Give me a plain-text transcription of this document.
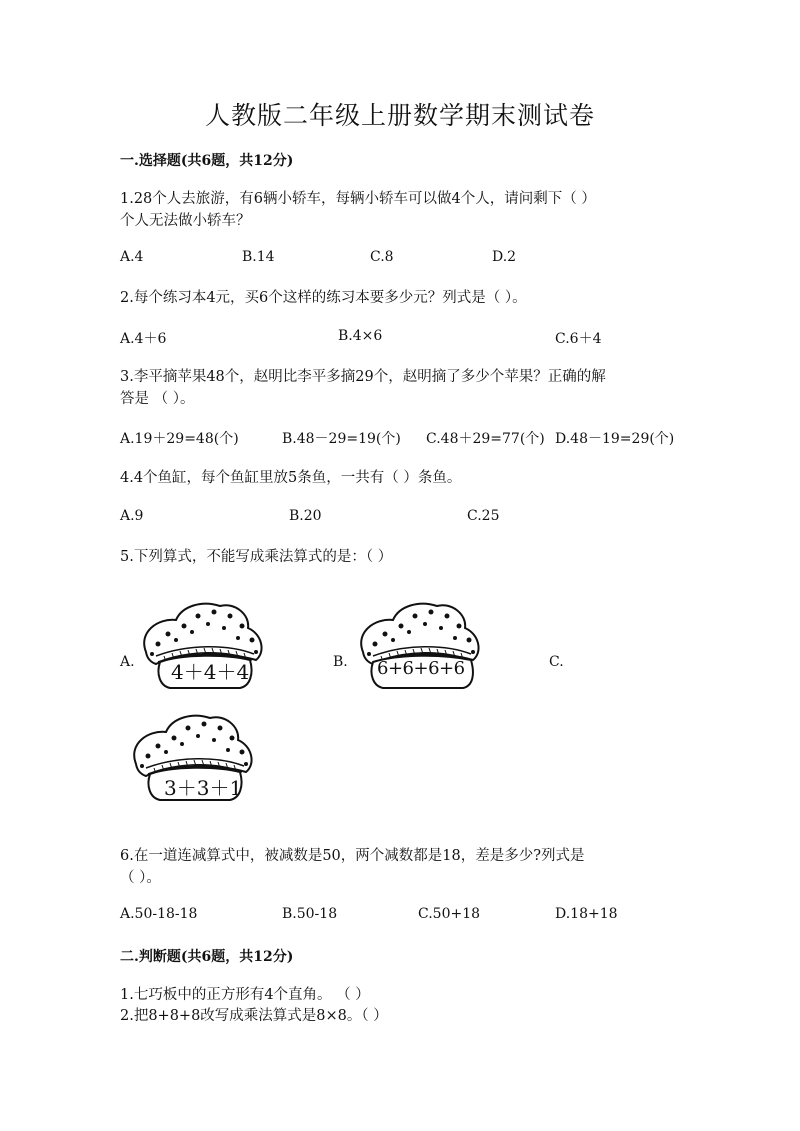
人教版二年级上册数学期末测试卷
一.选择题(共6题，共12分)
1.28个人去旅游，有6辆小轿车，每辆小轿车可以做4个人，请问剩下（ ）
个人无法做小轿车？
A.4	B.14	C.8	D.2
2.每个练习本4元，买6个这样的练习本要多少元？列式是（ ）。
A.4＋6	B.4×6	C.6＋4
3.李平摘苹果48个，赵明比李平多摘29个，赵明摘了多少个苹果？正确的解
答是 （ ）。
A.19＋29=48(个)	B.48－29=19(个) C.48＋29=77(个) D.48－19=29(个)
4.4个鱼缸，每个鱼缸里放5条鱼，一共有（ ）条鱼。
A.9	B.20	C.25
5.下列算式，不能写成乘法算式的是：（ ）
A.	B.	C.
4＋4＋4	6+6+6+6
3＋3＋1
6.在一道连减算式中，被减数是50，两个减数都是18，差是多少?列式是
（ ）。
A.50-18-18	B.50-18	C.50+18	D.18+18
二.判断题(共6题，共12分)
1.七巧板中的正方形有4个直角。 （ ）
2.把8+8+8改写成乘法算式是8×8。（ ）
